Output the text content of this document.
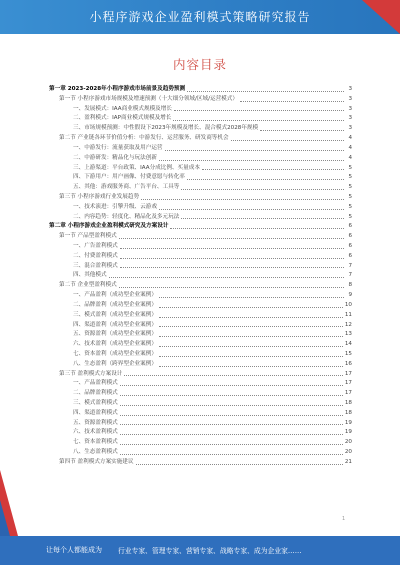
小程序游戏企业盈利模式策略研究报告
内容目录
第一章 2023-2028年小程序游戏市场前景及趋势预测	3
第一节 小程序游戏市场规模及增速预测（十大细分领域/区域/运营模式）	3
一、发展模式：IAA商业模式规模及增长	3
二、盈利模式：IAP商业模式规模及增长	3
三、市场规模预测：中性假设下2023年规模及增长、混合模式2028年规模	3
第二节 产业链各环节价值分析：中游发行、运营服务、研发商等机会	4
一、中游发行：流量获取及用户运营	4
二、中游研发：精品化与玩法创新	4
三、上游渠道：平台政策、IAA分成比例、买量成本	5
四、下游用户：用户画像、付费意愿与转化率	5
五、其他：游戏服务商、广告平台、工具等	5
第三节 小程序游戏行业发展趋势	5
一、技术演进：引擎升级、云游戏	5
二、内容趋势：轻度化、精品化及多元玩法	5
第二章 小程序游戏企业盈利模式研究及方案设计	6
第一节 产品型盈利模式	6
一、广告盈利模式	6
二、付费盈利模式	6
三、混合盈利模式	7
四、其他模式	7
第二节 企业型盈利模式	8
一、产品盈利（成功型企业案例）	9
二、品牌盈利（成功型企业案例）	10
三、模式盈利（成功型企业案例）	11
四、渠道盈利（成功型企业案例）	12
五、资源盈利（成功型企业案例）	13
六、技术盈利（成功型企业案例）	14
七、资本盈利（成功型企业案例）	15
八、生态盈利（跨界型企业案例）	16
第三节 盈利模式方案设计	17
一、产品盈利模式	17
二、品牌盈利模式	17
三、模式盈利模式	18
四、渠道盈利模式	18
五、资源盈利模式	19
六、技术盈利模式	19
七、资本盈利模式	20
八、生态盈利模式	20
第四节 盈利模式方案实施建议	21
1
让每个人都能成为 行业专家、管理专家、营销专家、战略专家、成为企业家……
